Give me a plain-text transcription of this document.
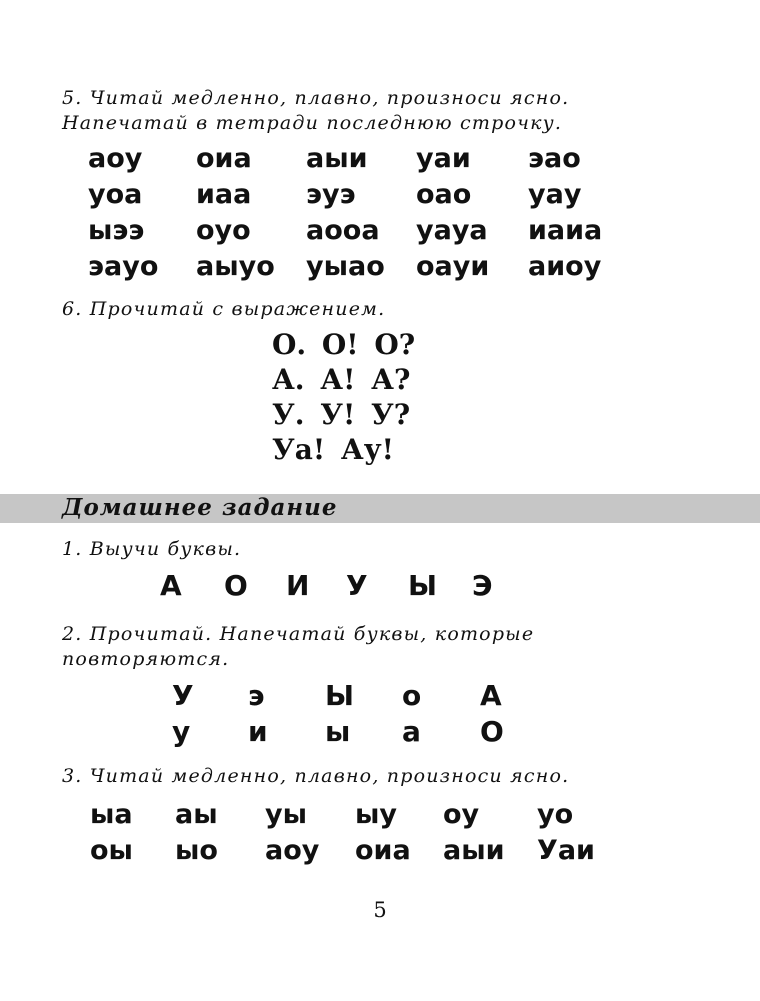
5. Читай медленно, плавно, произноси ясно. Напечатай в тетради последнюю строчку.

аоу	оиа	аыи	уаи	эао
уоа	иаа	эуэ	оао	уау
ыээ	оуо	аооа	уауа	иаиа
эауо	аыуо	уыао	оауи	аиоу

6. Прочитай с выражением.

О. О! О?
А. А! А?
У. У! У?
Уа! Ау!
Домашнее задание

1. Выучи буквы.

А	О	И	У	Ы	Э

2. Прочитай. Напечатай буквы, которые повторяются.

У	э	Ы	о	А
у	и	ы	а	О

3. Читай медленно, плавно, произноси ясно.

ыа	аы	уы	ыу	оу	уо
оы	ыо	аоу	оиа	аыи	Уаи
5
